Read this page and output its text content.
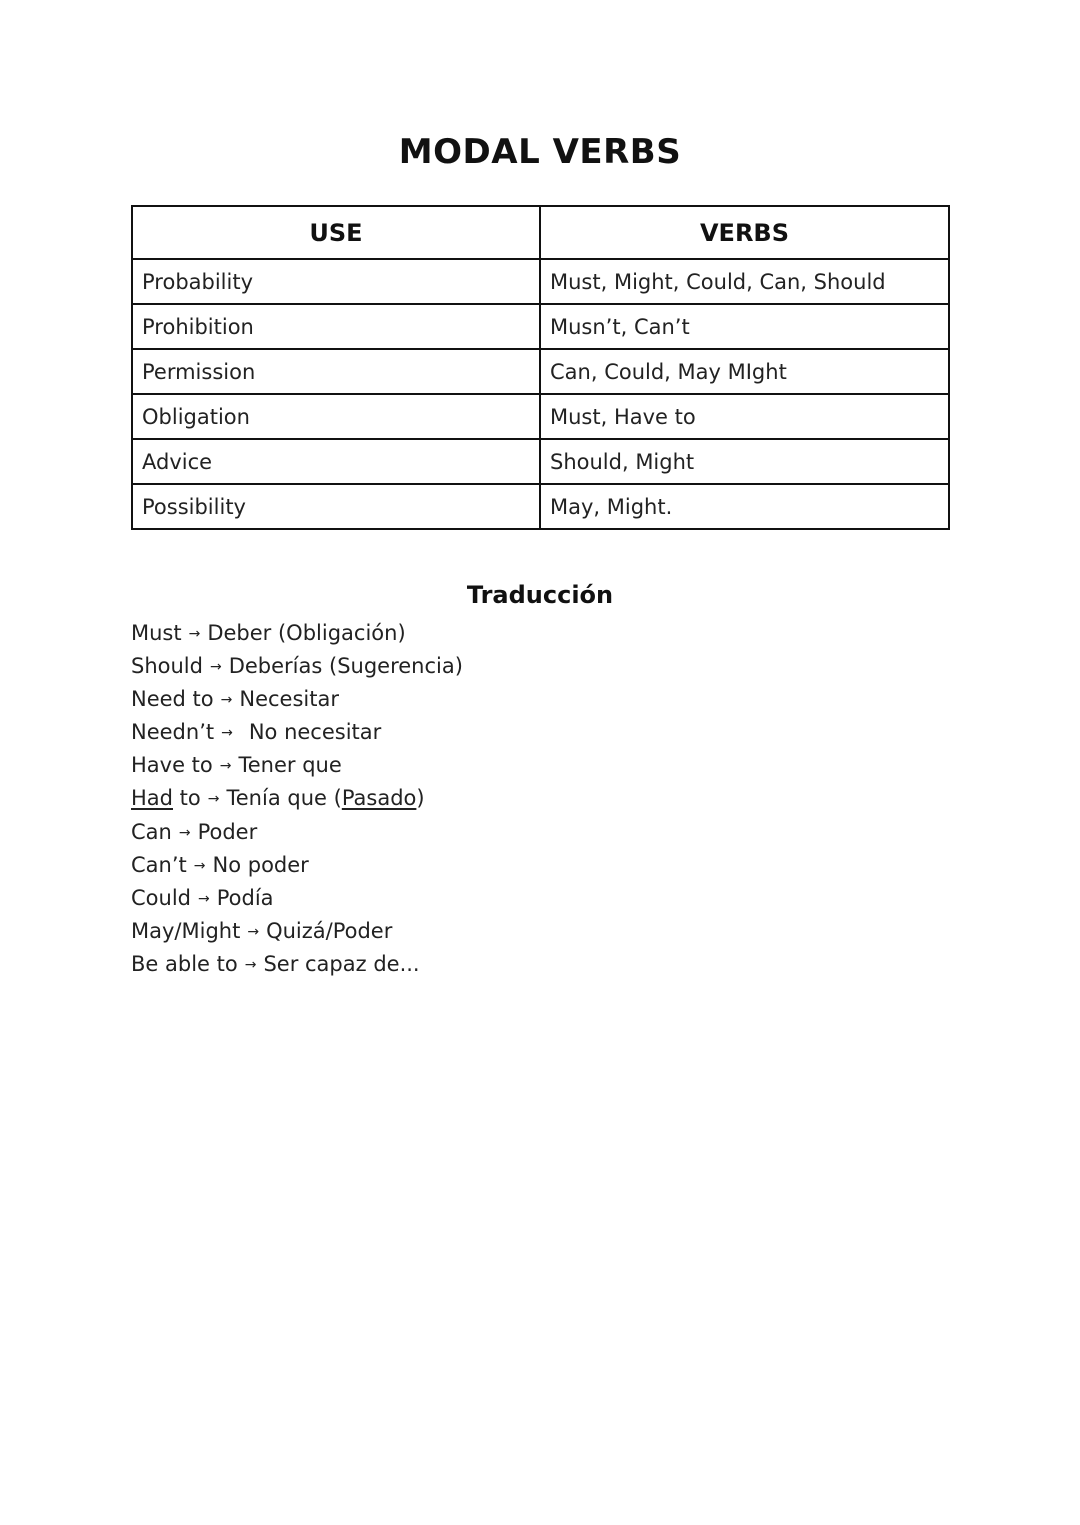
MODAL VERBS
USE	VERBS
Probability	Must, Might, Could, Can, Should
Prohibition	Musn’t, Can’t
Permission	Can, Could, May MIght
Obligation	Must, Have to
Advice	Should, Might
Possibility	May, Might.
Traducción
Must → Deber (Obligación)
Should → Deberías (Sugerencia)
Need to → Necesitar
Needn’t → No necesitar
Have to → Tener que
Had to → Tenía que (Pasado)
Can → Poder
Can’t → No poder
Could → Podía
May/Might → Quizá/Poder
Be able to → Ser capaz de...
